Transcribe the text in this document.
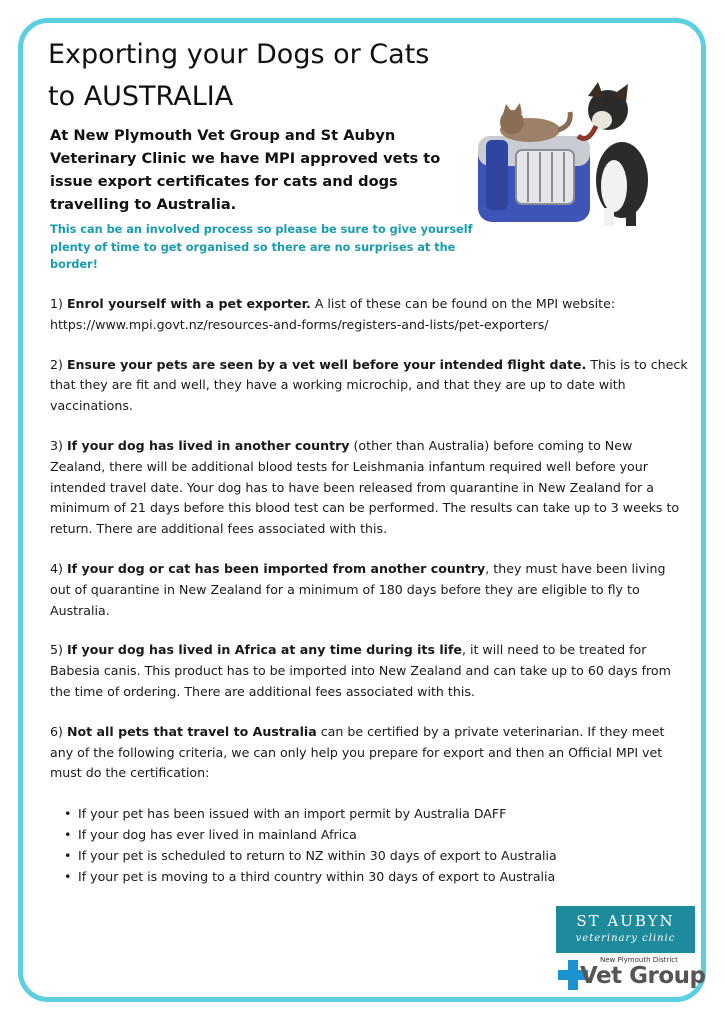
Exporting your Dogs or Cats
to AUSTRALIA

At New Plymouth Vet Group and St Aubyn Veterinary Clinic we have MPI approved vets to issue export certificates for cats and dogs travelling to Australia.

This can be an involved process so please be sure to give yourself plenty of time to get organised so there are no surprises at the border!

1) Enrol yourself with a pet exporter. A list of these can be found on the MPI website: https://www.mpi.govt.nz/resources-and-forms/registers-and-lists/pet-exporters/

2) Ensure your pets are seen by a vet well before your intended flight date. This is to check that they are fit and well, they have a working microchip, and that they are up to date with vaccinations.

3) If your dog has lived in another country (other than Australia) before coming to New Zealand, there will be additional blood tests for Leishmania infantum required well before your intended travel date. Your dog has to have been released from quarantine in New Zealand for a minimum of 21 days before this blood test can be performed. The results can take up to 3 weeks to return. There are additional fees associated with this.

4) If your dog or cat has been imported from another country, they must have been living out of quarantine in New Zealand for a minimum of 180 days before they are eligible to fly to Australia.

5) If your dog has lived in Africa at any time during its life, it will need to be treated for Babesia canis. This product has to be imported into New Zealand and can take up to 60 days from the time of ordering. There are additional fees associated with this.

6) Not all pets that travel to Australia can be certified by a private veterinarian. If they meet any of the following criteria, we can only help you prepare for export and then an Official MPI vet must do the certification:

• If your pet has been issued with an import permit by Australia DAFF
• If your dog has ever lived in mainland Africa
• If your pet is scheduled to return to NZ within 30 days of export to Australia
• If your pet is moving to a third country within 30 days of export to Australia
ST AUBYN
veterinary clinic
New Plymouth District
Vet Group
